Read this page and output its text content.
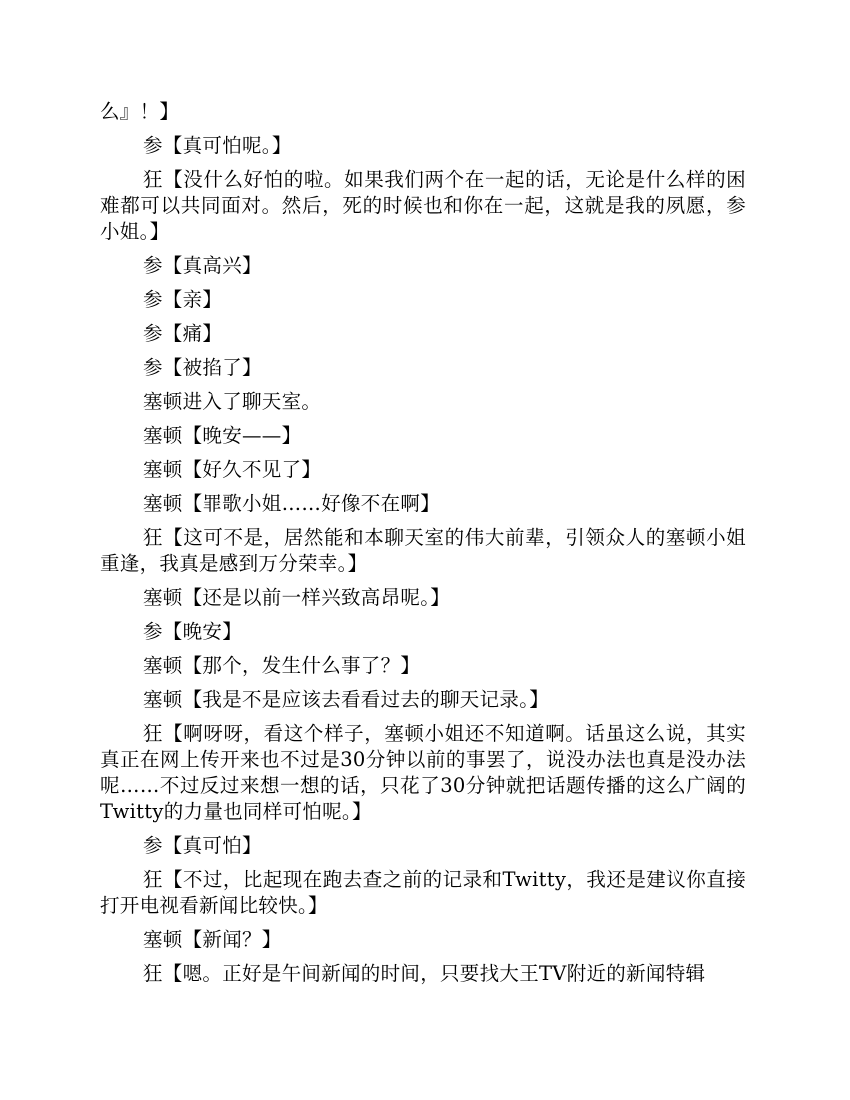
么』！】

参【真可怕呢。】

狂【没什么好怕的啦。如果我们两个在一起的话，无论是什么样的困难都可以共同面对。然后，死的时候也和你在一起，这就是我的夙愿，参小姐。】

参【真高兴】

参【亲】

参【痛】

参【被掐了】

塞顿进入了聊天室。

塞顿【晚安——】

塞顿【好久不见了】

塞顿【罪歌小姐……好像不在啊】

狂【这可不是，居然能和本聊天室的伟大前辈，引领众人的塞顿小姐重逢，我真是感到万分荣幸。】

塞顿【还是以前一样兴致高昂呢。】

参【晚安】

塞顿【那个，发生什么事了？】

塞顿【我是不是应该去看看过去的聊天记录。】

狂【啊呀呀，看这个样子，塞顿小姐还不知道啊。话虽这么说，其实真正在网上传开来也不过是30分钟以前的事罢了，说没办法也真是没办法呢……不过反过来想一想的话，只花了30分钟就把话题传播的这么广阔的Twitty的力量也同样可怕呢。】

参【真可怕】

狂【不过，比起现在跑去查之前的记录和Twitty，我还是建议你直接打开电视看新闻比较快。】

塞顿【新闻？】

狂【嗯。正好是午间新闻的时间，只要找大王TV附近的新闻特辑
